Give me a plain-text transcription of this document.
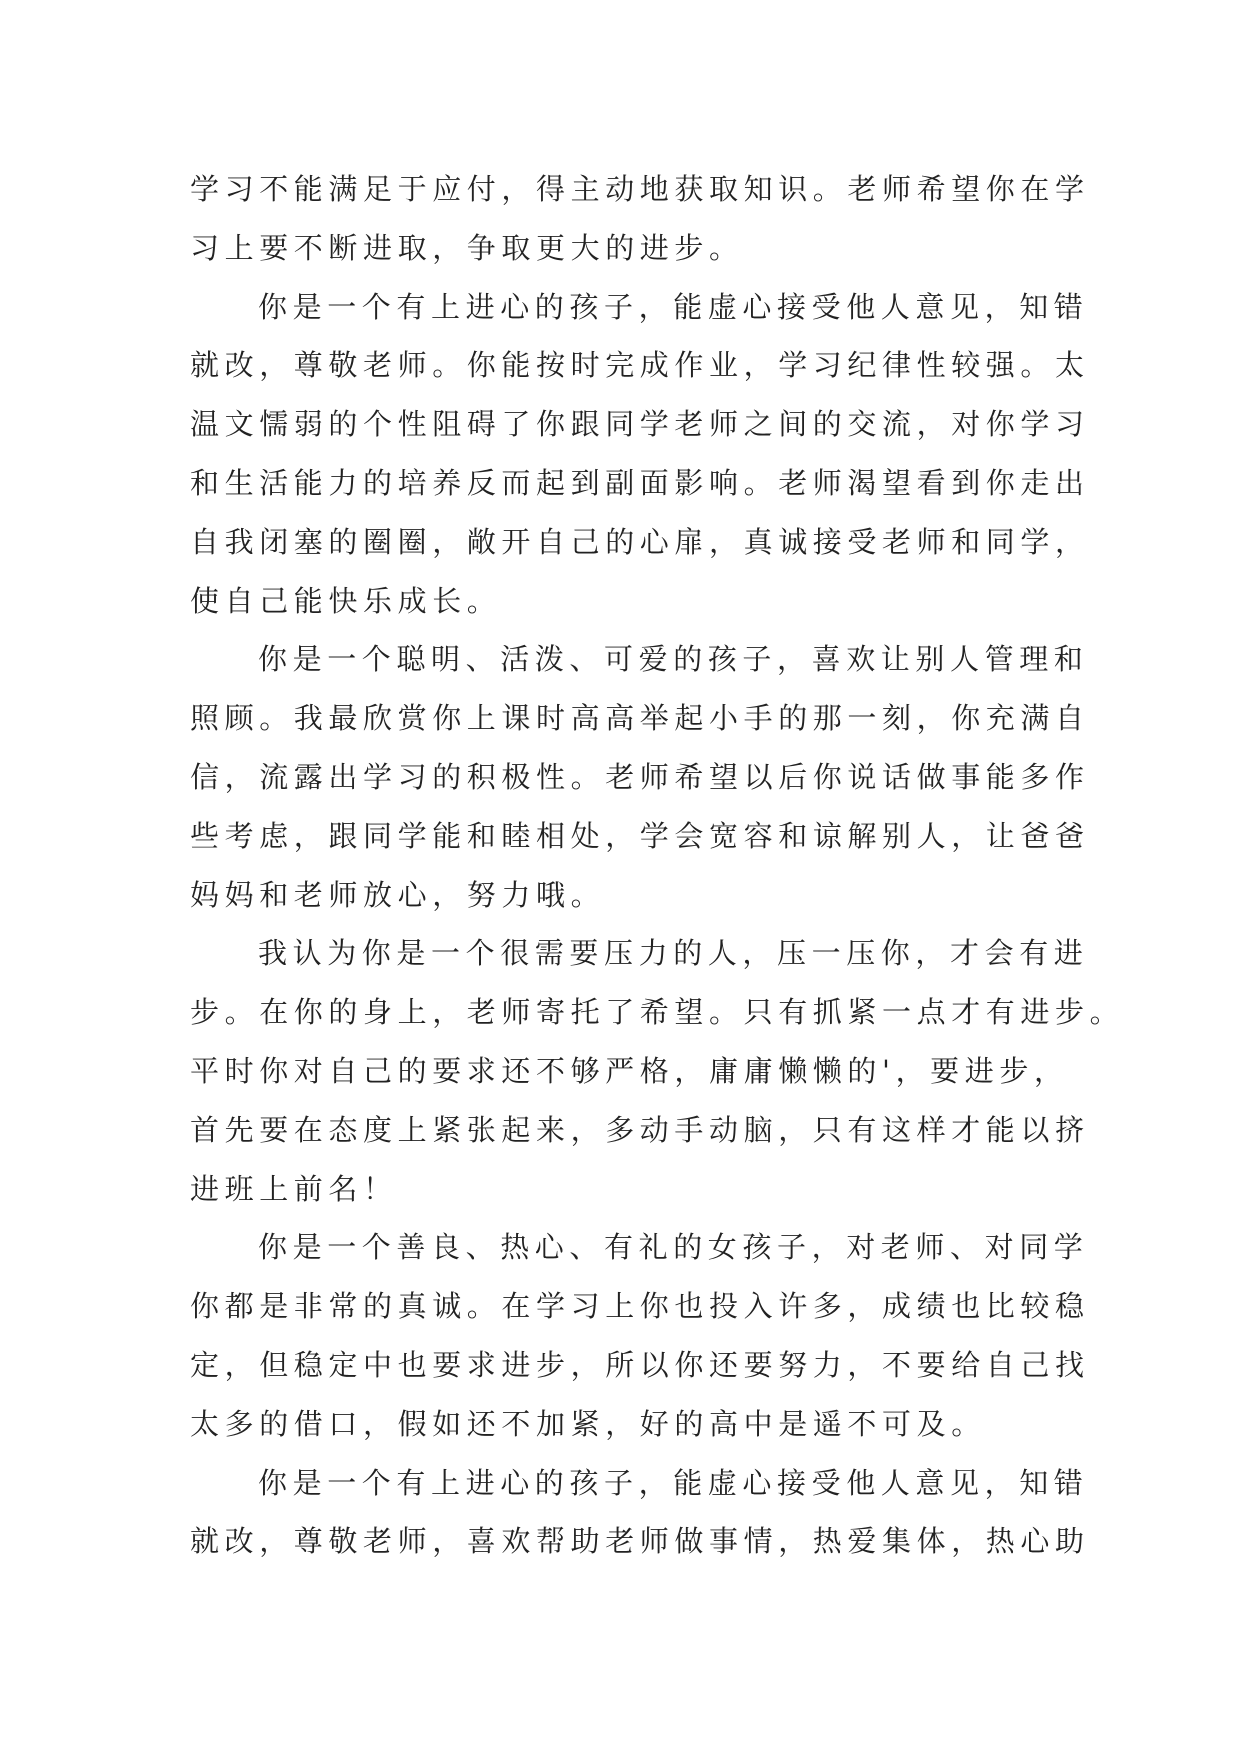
学习不能满足于应付，得主动地获取知识。老师希望你在学
习上要不断进取，争取更大的进步。
你是一个有上进心的孩子，能虚心接受他人意见，知错
就改，尊敬老师。你能按时完成作业，学习纪律性较强。太
温文懦弱的个性阻碍了你跟同学老师之间的交流，对你学习
和生活能力的培养反而起到副面影响。老师渴望看到你走出
自我闭塞的圈圈，敞开自己的心扉，真诚接受老师和同学，
使自己能快乐成长。
你是一个聪明、活泼、可爱的孩子，喜欢让别人管理和
照顾。我最欣赏你上课时高高举起小手的那一刻，你充满自
信，流露出学习的积极性。老师希望以后你说话做事能多作
些考虑，跟同学能和睦相处，学会宽容和谅解别人，让爸爸
妈妈和老师放心，努力哦。
我认为你是一个很需要压力的人，压一压你，才会有进
步。在你的身上，老师寄托了希望。只有抓紧一点才有进步。
平时你对自己的要求还不够严格，庸庸懒懒的'，要进步，
首先要在态度上紧张起来，多动手动脑，只有这样才能以挤
进班上前名！
你是一个善良、热心、有礼的女孩子，对老师、对同学
你都是非常的真诚。在学习上你也投入许多，成绩也比较稳
定，但稳定中也要求进步，所以你还要努力，不要给自己找
太多的借口，假如还不加紧，好的高中是遥不可及。
你是一个有上进心的孩子，能虚心接受他人意见，知错
就改，尊敬老师，喜欢帮助老师做事情，热爱集体，热心助
